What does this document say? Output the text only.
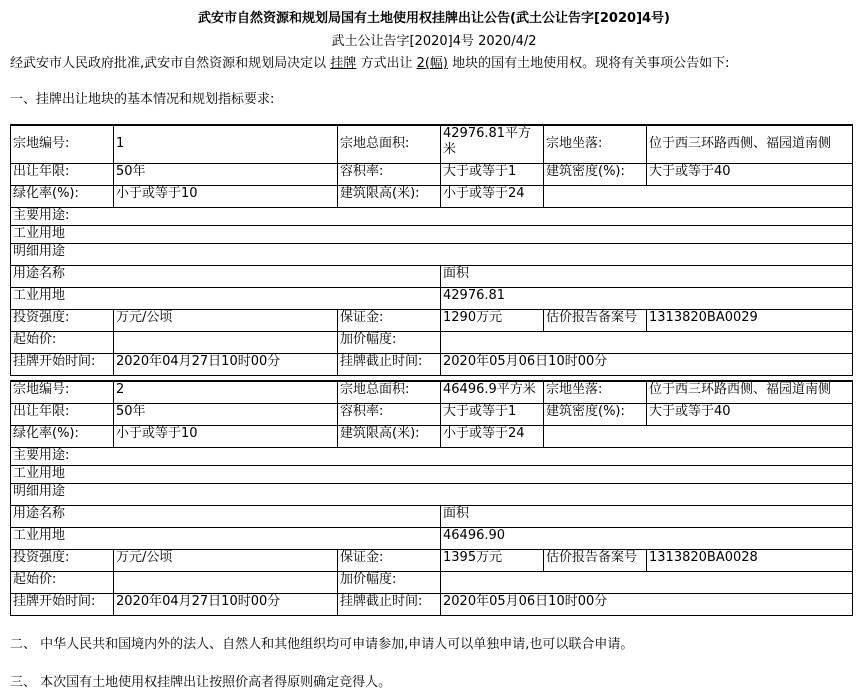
武安市自然资源和规划局国有土地使用权挂牌出让公告(武土公让告字[2020]4号)
武土公让告字[2020]4号 2020/4/2
经武安市人民政府批准,武安市自然资源和规划局决定以 挂牌 方式出让 2(幅) 地块的国有土地使用权。现将有关事项公告如下:
一、挂牌出让地块的基本情况和规划指标要求:
宗地编号:	1	宗地总面积:	42976.81平方米	宗地坐落:	位于西三环路西侧、福园道南侧
出让年限:	50年	容积率:	大于或等于1	建筑密度(%):	大于或等于40
绿化率(%):	小于或等于10	建筑限高(米):	小于或等于24		
主要用途:					
工业用地					
明细用途					
用途名称			面积		
工业用地			42976.81		
投资强度:	万元/公顷	保证金:	1290万元	估价报告备案号	1313820BA0029
起始价:		加价幅度:			
挂牌开始时间:	2020年04月27日10时00分	挂牌截止时间:	2020年05月06日10时00分		
宗地编号:	2	宗地总面积:	46496.9平方米	宗地坐落:	位于西三环路西侧、福园道南侧
出让年限:	50年	容积率:	大于或等于1	建筑密度(%):	大于或等于40
绿化率(%):	小于或等于10	建筑限高(米):	小于或等于24		
主要用途:					
工业用地					
明细用途					
用途名称			面积		
工业用地			46496.90		
投资强度:	万元/公顷	保证金:	1395万元	估价报告备案号	1313820BA0028
起始价:		加价幅度:			
挂牌开始时间:	2020年04月27日10时00分	挂牌截止时间:	2020年05月06日10时00分		
二、 中华人民共和国境内外的法人、自然人和其他组织均可申请参加,申请人可以单独申请,也可以联合申请。
三、 本次国有土地使用权挂牌出让按照价高者得原则确定竞得人。
